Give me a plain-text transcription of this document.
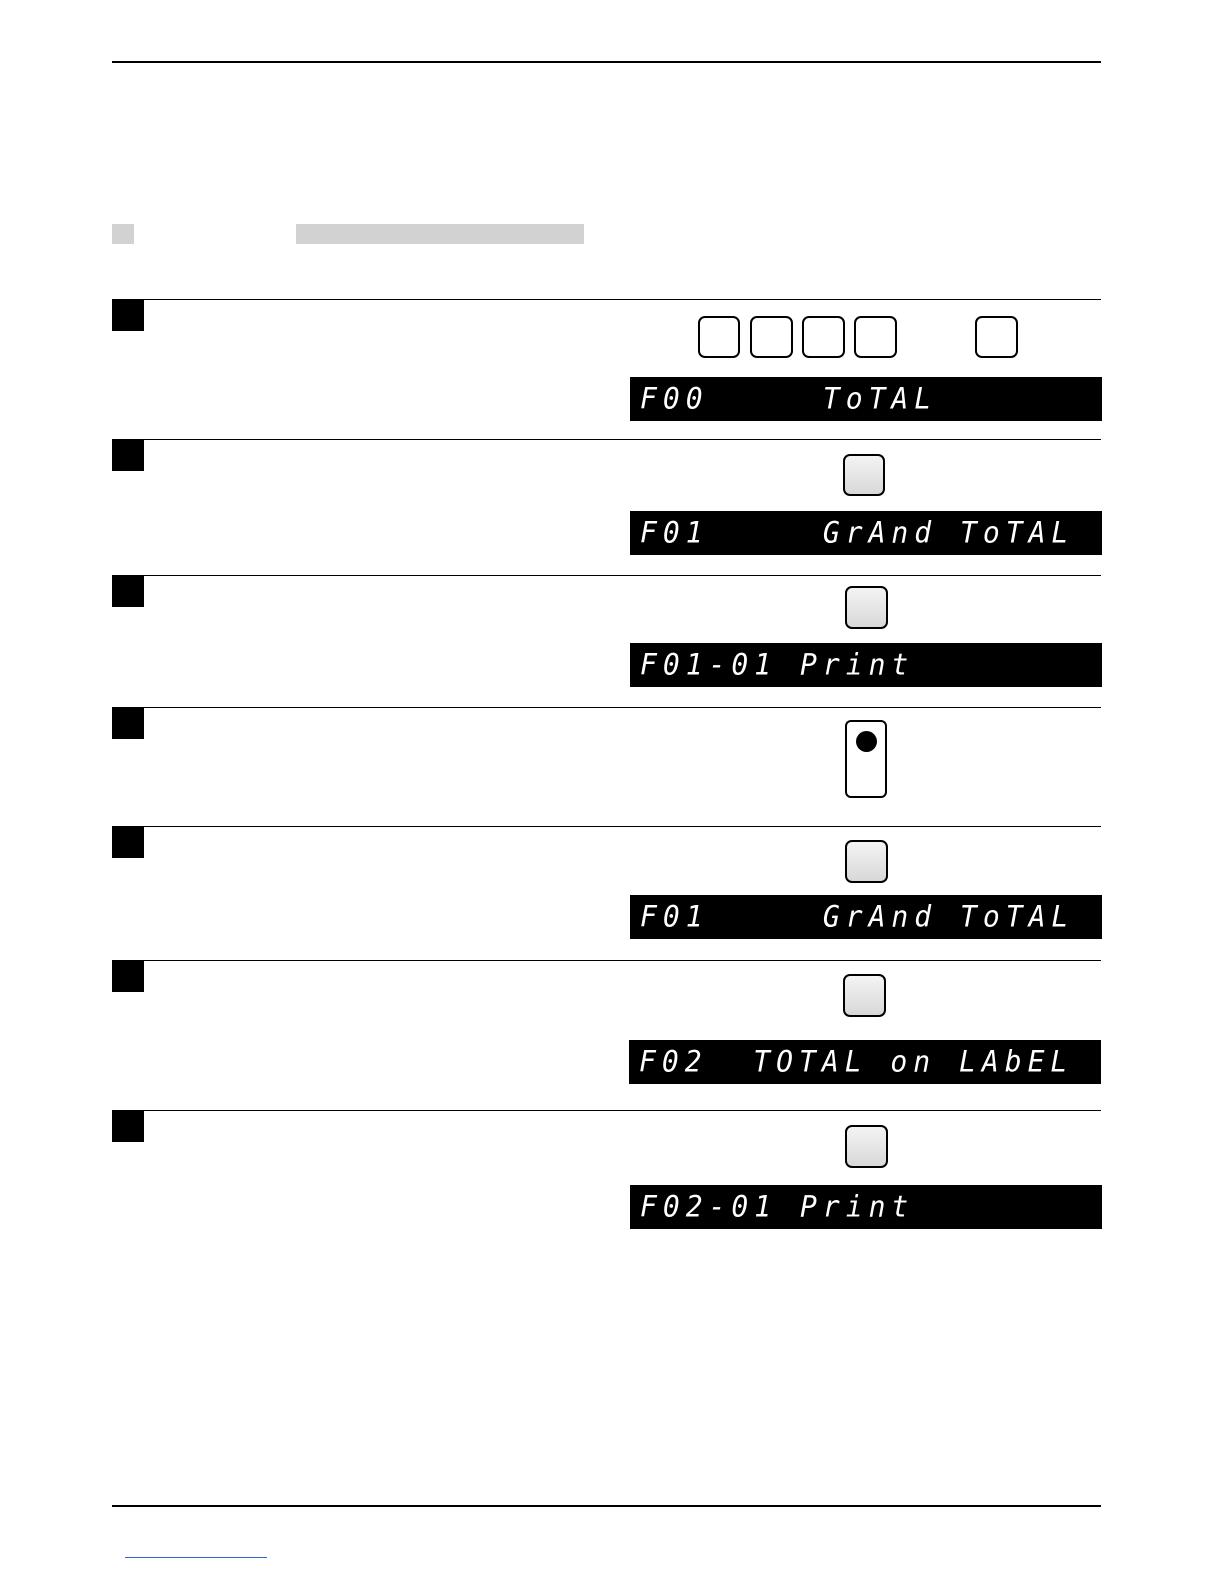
F00     ToTAL
F01     GrAnd ToTAL
F01-01 Print
F01     GrAnd ToTAL
F02  TOTAL on LAbEL
F02-01 Print
